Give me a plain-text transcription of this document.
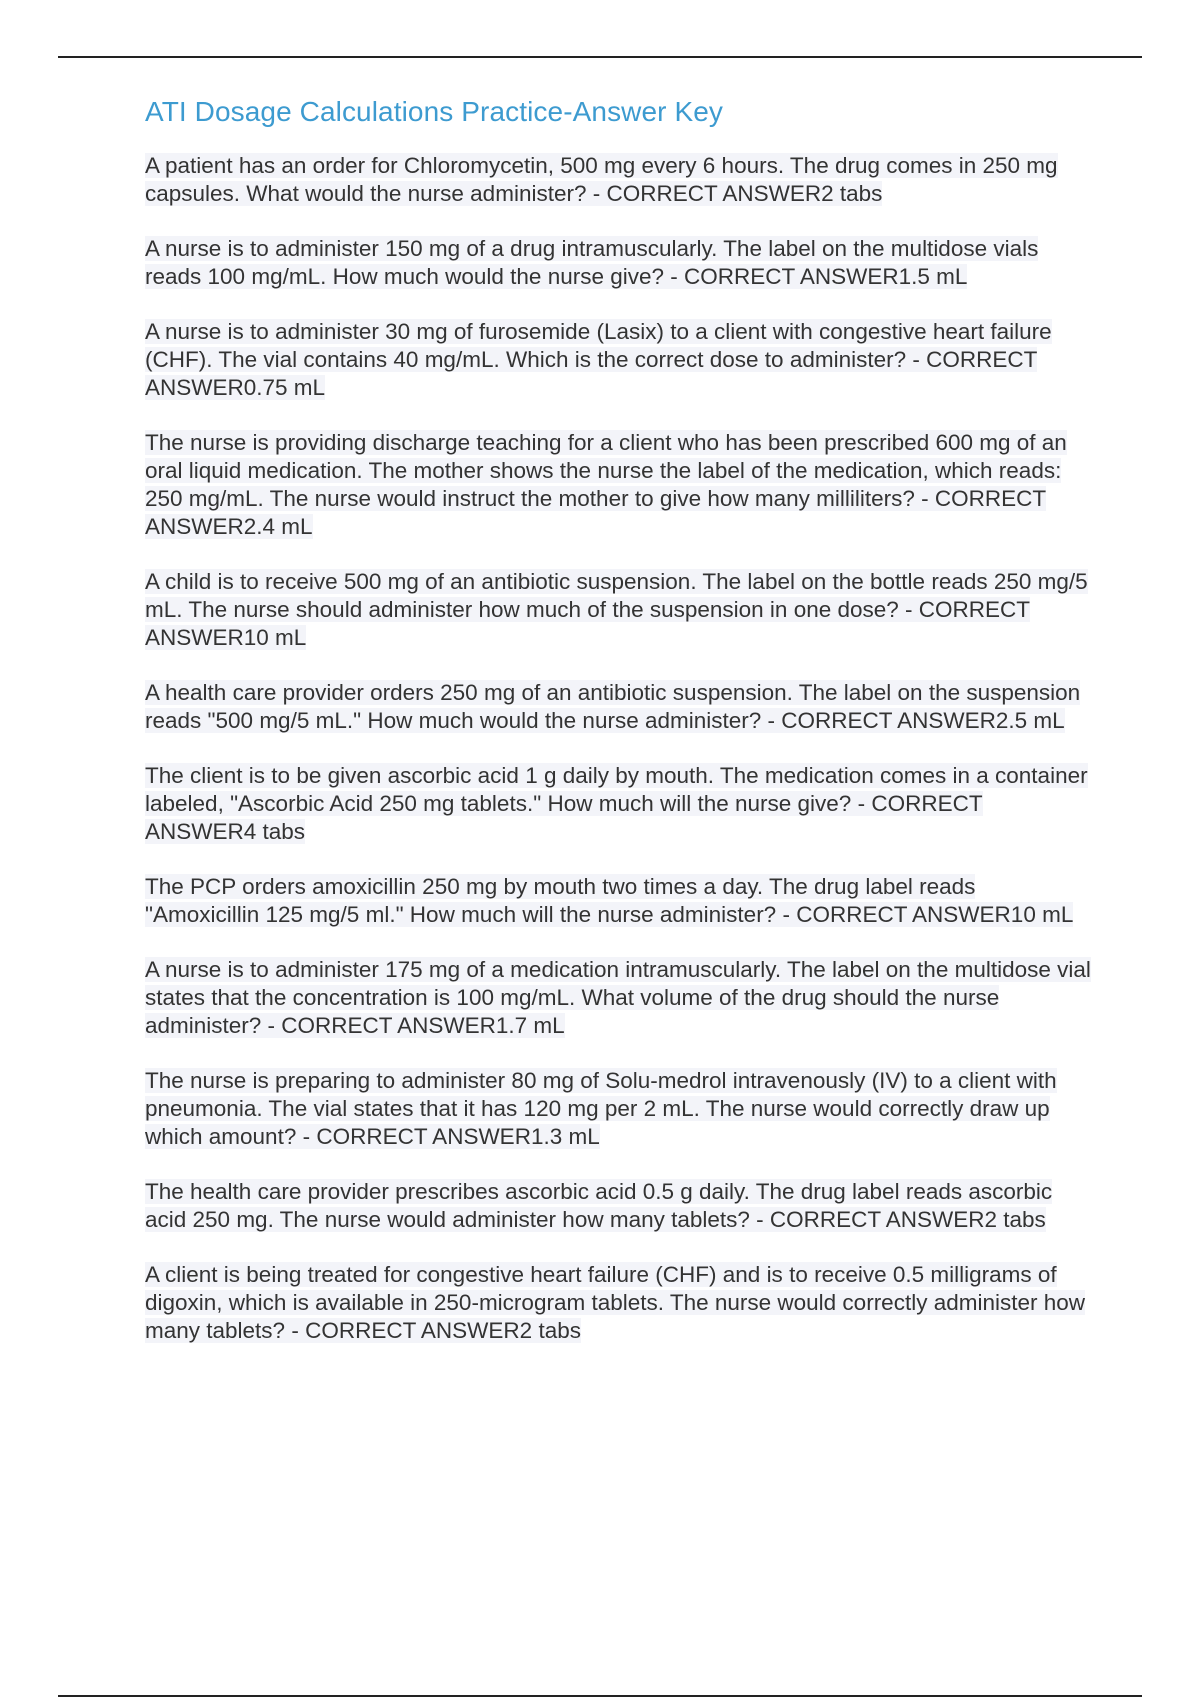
ATI Dosage Calculations Practice-Answer Key
A patient has an order for Chloromycetin, 500 mg every 6 hours. The drug comes in 250 mg capsules. What would the nurse administer? - CORRECT ANSWER2 tabs
A nurse is to administer 150 mg of a drug intramuscularly. The label on the multidose vials reads 100 mg/mL. How much would the nurse give? - CORRECT ANSWER1.5 mL
A nurse is to administer 30 mg of furosemide (Lasix) to a client with congestive heart failure (CHF). The vial contains 40 mg/mL. Which is the correct dose to administer? - CORRECT ANSWER0.75 mL
The nurse is providing discharge teaching for a client who has been prescribed 600 mg of an oral liquid medication. The mother shows the nurse the label of the medication, which reads: 250 mg/mL. The nurse would instruct the mother to give how many milliliters? - CORRECT ANSWER2.4 mL
A child is to receive 500 mg of an antibiotic suspension. The label on the bottle reads 250 mg/5 mL. The nurse should administer how much of the suspension in one dose? - CORRECT ANSWER10 mL
A health care provider orders 250 mg of an antibiotic suspension. The label on the suspension reads "500 mg/5 mL." How much would the nurse administer? - CORRECT ANSWER2.5 mL
The client is to be given ascorbic acid 1 g daily by mouth. The medication comes in a container labeled, "Ascorbic Acid 250 mg tablets." How much will the nurse give? - CORRECT ANSWER4 tabs
The PCP orders amoxicillin 250 mg by mouth two times a day. The drug label reads "Amoxicillin 125 mg/5 ml." How much will the nurse administer? - CORRECT ANSWER10 mL
A nurse is to administer 175 mg of a medication intramuscularly. The label on the multidose vial states that the concentration is 100 mg/mL. What volume of the drug should the nurse administer? - CORRECT ANSWER1.7 mL
The nurse is preparing to administer 80 mg of Solu-medrol intravenously (IV) to a client with pneumonia. The vial states that it has 120 mg per 2 mL. The nurse would correctly draw up which amount? - CORRECT ANSWER1.3 mL
The health care provider prescribes ascorbic acid 0.5 g daily. The drug label reads ascorbic acid 250 mg. The nurse would administer how many tablets? - CORRECT ANSWER2 tabs
A client is being treated for congestive heart failure (CHF) and is to receive 0.5 milligrams of digoxin, which is available in 250-microgram tablets. The nurse would correctly administer how many tablets? - CORRECT ANSWER2 tabs
